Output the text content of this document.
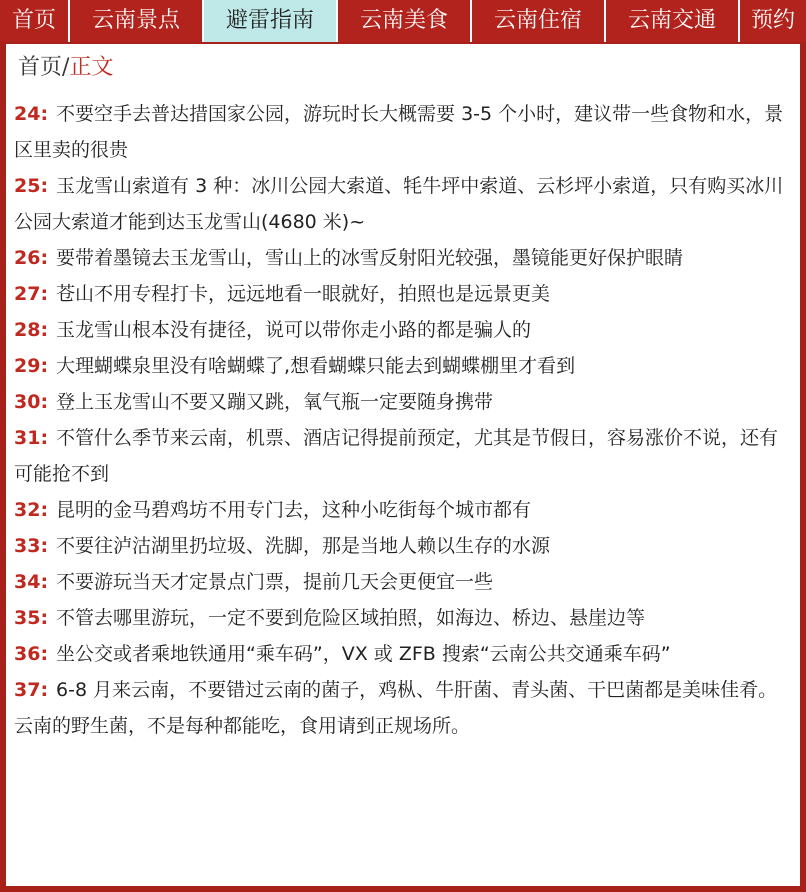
首页	云南景点	避雷指南	云南美食	云南住宿	云南交通	预约
首页/正文
24: 不要空手去普达措国家公园，游玩时长大概需要 3-5 个小时，建议带一些食物和水，景区里卖的很贵
25: 玉龙雪山索道有 3 种：冰川公园大索道、牦牛坪中索道、云杉坪小索道，只有购买冰川公园大索道才能到达玉龙雪山(4680 米)~
26: 要带着墨镜去玉龙雪山，雪山上的冰雪反射阳光较强，墨镜能更好保护眼睛
27: 苍山不用专程打卡，远远地看一眼就好，拍照也是远景更美
28: 玉龙雪山根本没有捷径，说可以带你走小路的都是骗人的
29: 大理蝴蝶泉里没有啥蝴蝶了,想看蝴蝶只能去到蝴蝶棚里才看到
30: 登上玉龙雪山不要又蹦又跳，氧气瓶一定要随身携带
31: 不管什么季节来云南，机票、酒店记得提前预定，尤其是节假日，容易涨价不说，还有可能抢不到
32: 昆明的金马碧鸡坊不用专门去，这种小吃街每个城市都有
33: 不要往泸沽湖里扔垃圾、洗脚，那是当地人赖以生存的水源
34: 不要游玩当天才定景点门票，提前几天会更便宜一些
35: 不管去哪里游玩，一定不要到危险区域拍照，如海边、桥边、悬崖边等
36: 坐公交或者乘地铁通用“乘车码”，VX 或 ZFB 搜索“云南公共交通乘车码”
37: 6-8 月来云南，不要错过云南的菌子，鸡枞、牛肝菌、青头菌、干巴菌都是美味佳肴。云南的野生菌，不是每种都能吃，食用请到正规场所。
